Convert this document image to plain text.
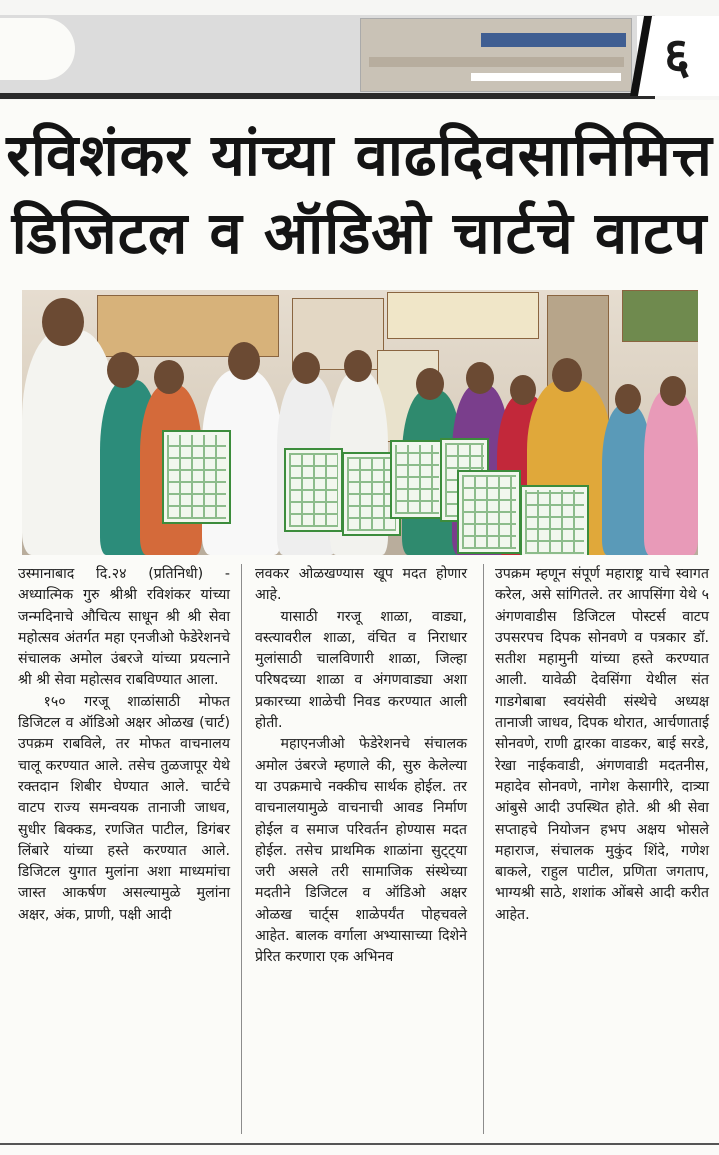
६
रविशंकर यांच्या वाढदिवसानिमित्त
डिजिटल व ऑडिओ चार्टचे वाटप

उस्मानाबाद दि.२४ (प्रतिनिधी) - अध्यात्मिक गुरु श्रीश्री रविशंकर यांच्या जन्मदिनाचे औचित्य साधून श्री श्री सेवा महोत्सव अंतर्गत महा एनजीओ फेडेरेशनचे संचालक अमोल उंबरजे यांच्या प्रयत्नाने श्री श्री सेवा महोत्सव राबविण्यात आला.

१५० गरजू शाळांसाठी मोफत डिजिटल व ऑडिओ अक्षर ओळख (चार्ट) उपक्रम राबविले, तर मोफत वाचनालय चालू करण्यात आले. तसेच तुळजापूर येथे रक्तदान शिबीर घेण्यात आले. चार्टचे वाटप राज्य समन्वयक तानाजी जाधव, सुधीर बिक्कड, रणजित पाटील, डिगंबर लिंबारे यांच्या हस्ते करण्यात आले. डिजिटल युगात मुलांना अशा माध्यमांचा जास्त आकर्षण असल्यामुळे मुलांना अक्षर, अंक, प्राणी, पक्षी आदी

लवकर ओळखण्यास खूप मदत होणार आहे.

यासाठी गरजू शाळा, वाड्या, वस्त्यावरील शाळा, वंचित व निराधार मुलांसाठी चालविणारी शाळा, जिल्हा परिषदच्या शाळा व अंगणवाड्या अशा प्रकारच्या शाळेची निवड करण्यात आली होती.

महाएनजीओ फेडेरेशनचे संचालक अमोल उंबरजे म्हणाले की, सुरु केलेल्या या उपक्रमाचे नक्कीच सार्थक होईल. तर वाचनालयामुळे वाचनाची आवड निर्माण होईल व समाज परिवर्तन होण्यास मदत होईल. तसेच प्राथमिक शाळांना सुट्ट्या जरी असले तरी सामाजिक संस्थेच्या मदतीने डिजिटल व ऑडिओ अक्षर ओळख चार्ट्स शाळेपर्यंत पोहचवले आहेत. बालक वर्गाला अभ्यासाच्या दिशेने प्रेरित करणारा एक अभिनव

उपक्रम म्हणून संपूर्ण महाराष्ट्र याचे स्वागत करेल, असे सांगितले. तर आपसिंगा येथे ५ अंगणवाडीस डिजिटल पोस्टर्स वाटप उपसरपच दिपक सोनवणे व पत्रकार डॉ. सतीश महामुनी यांच्या हस्ते करण्यात आली. यावेळी देवसिंगा येथील संत गाडगेबाबा स्वयंसेवी संस्थेचे अध्यक्ष तानाजी जाधव, दिपक थोरात, आर्चणाताई सोनवणे, राणी द्वारका वाडकर, बाई सरडे, रेखा नाईकवाडी, अंगणवाडी मदतनीस, महादेव सोनवणे, नागेश केसागीरे, दात्र्या आंबुसे आदी उपस्थित होते. श्री श्री सेवा सप्ताहचे नियोजन हभप अक्षय भोसले महाराज, संचालक मुकुंद शिंदे, गणेश बाकले, राहुल पाटील, प्रणिता जगताप, भाग्यश्री साठे, शशांक ओंबसे आदी करीत आहेत.
